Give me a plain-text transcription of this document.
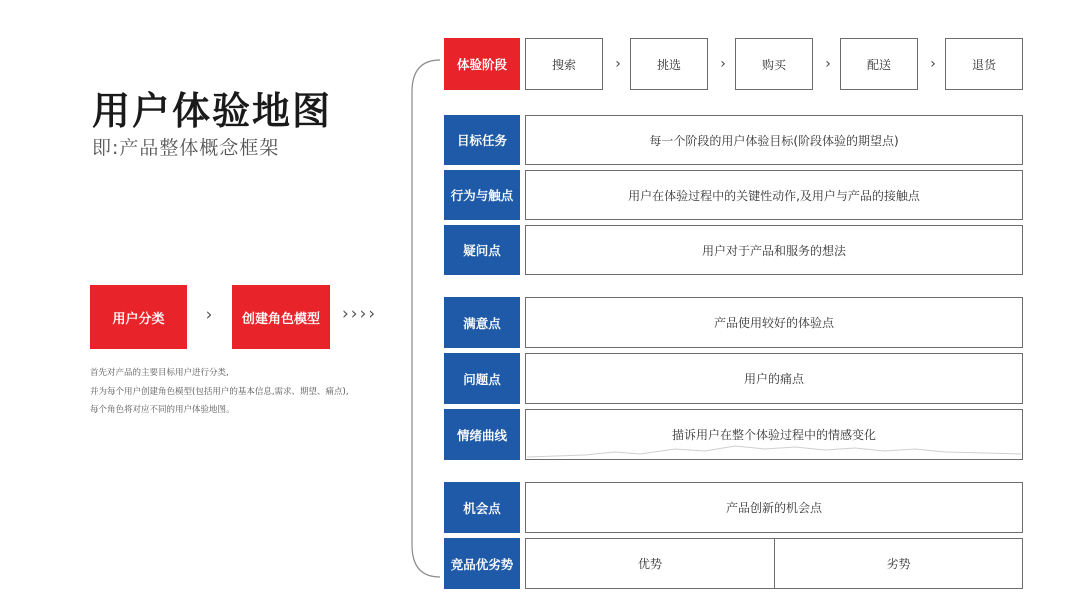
用户体验地图
即:产品整体概念框架
用户分类	›	创建角色模型	››››
首先对产品的主要目标用户进行分类,
并为每个用户创建角色模型(包括用户的基本信息,需求、期望、痛点),
每个角色将对应不同的用户体验地图。
体验阶段	搜索	›	挑选	›	购买	›	配送	›	退货
目标任务	每一个阶段的用户体验目标(阶段体验的期望点)
行为与触点	用户在体验过程中的关键性动作,及用户与产品的接触点
疑问点	用户对于产品和服务的想法
满意点	产品使用较好的体验点
问题点	用户的痛点
情绪曲线	描诉用户在整个体验过程中的情感变化
机会点	产品创新的机会点
竞品优劣势	优势	劣势
